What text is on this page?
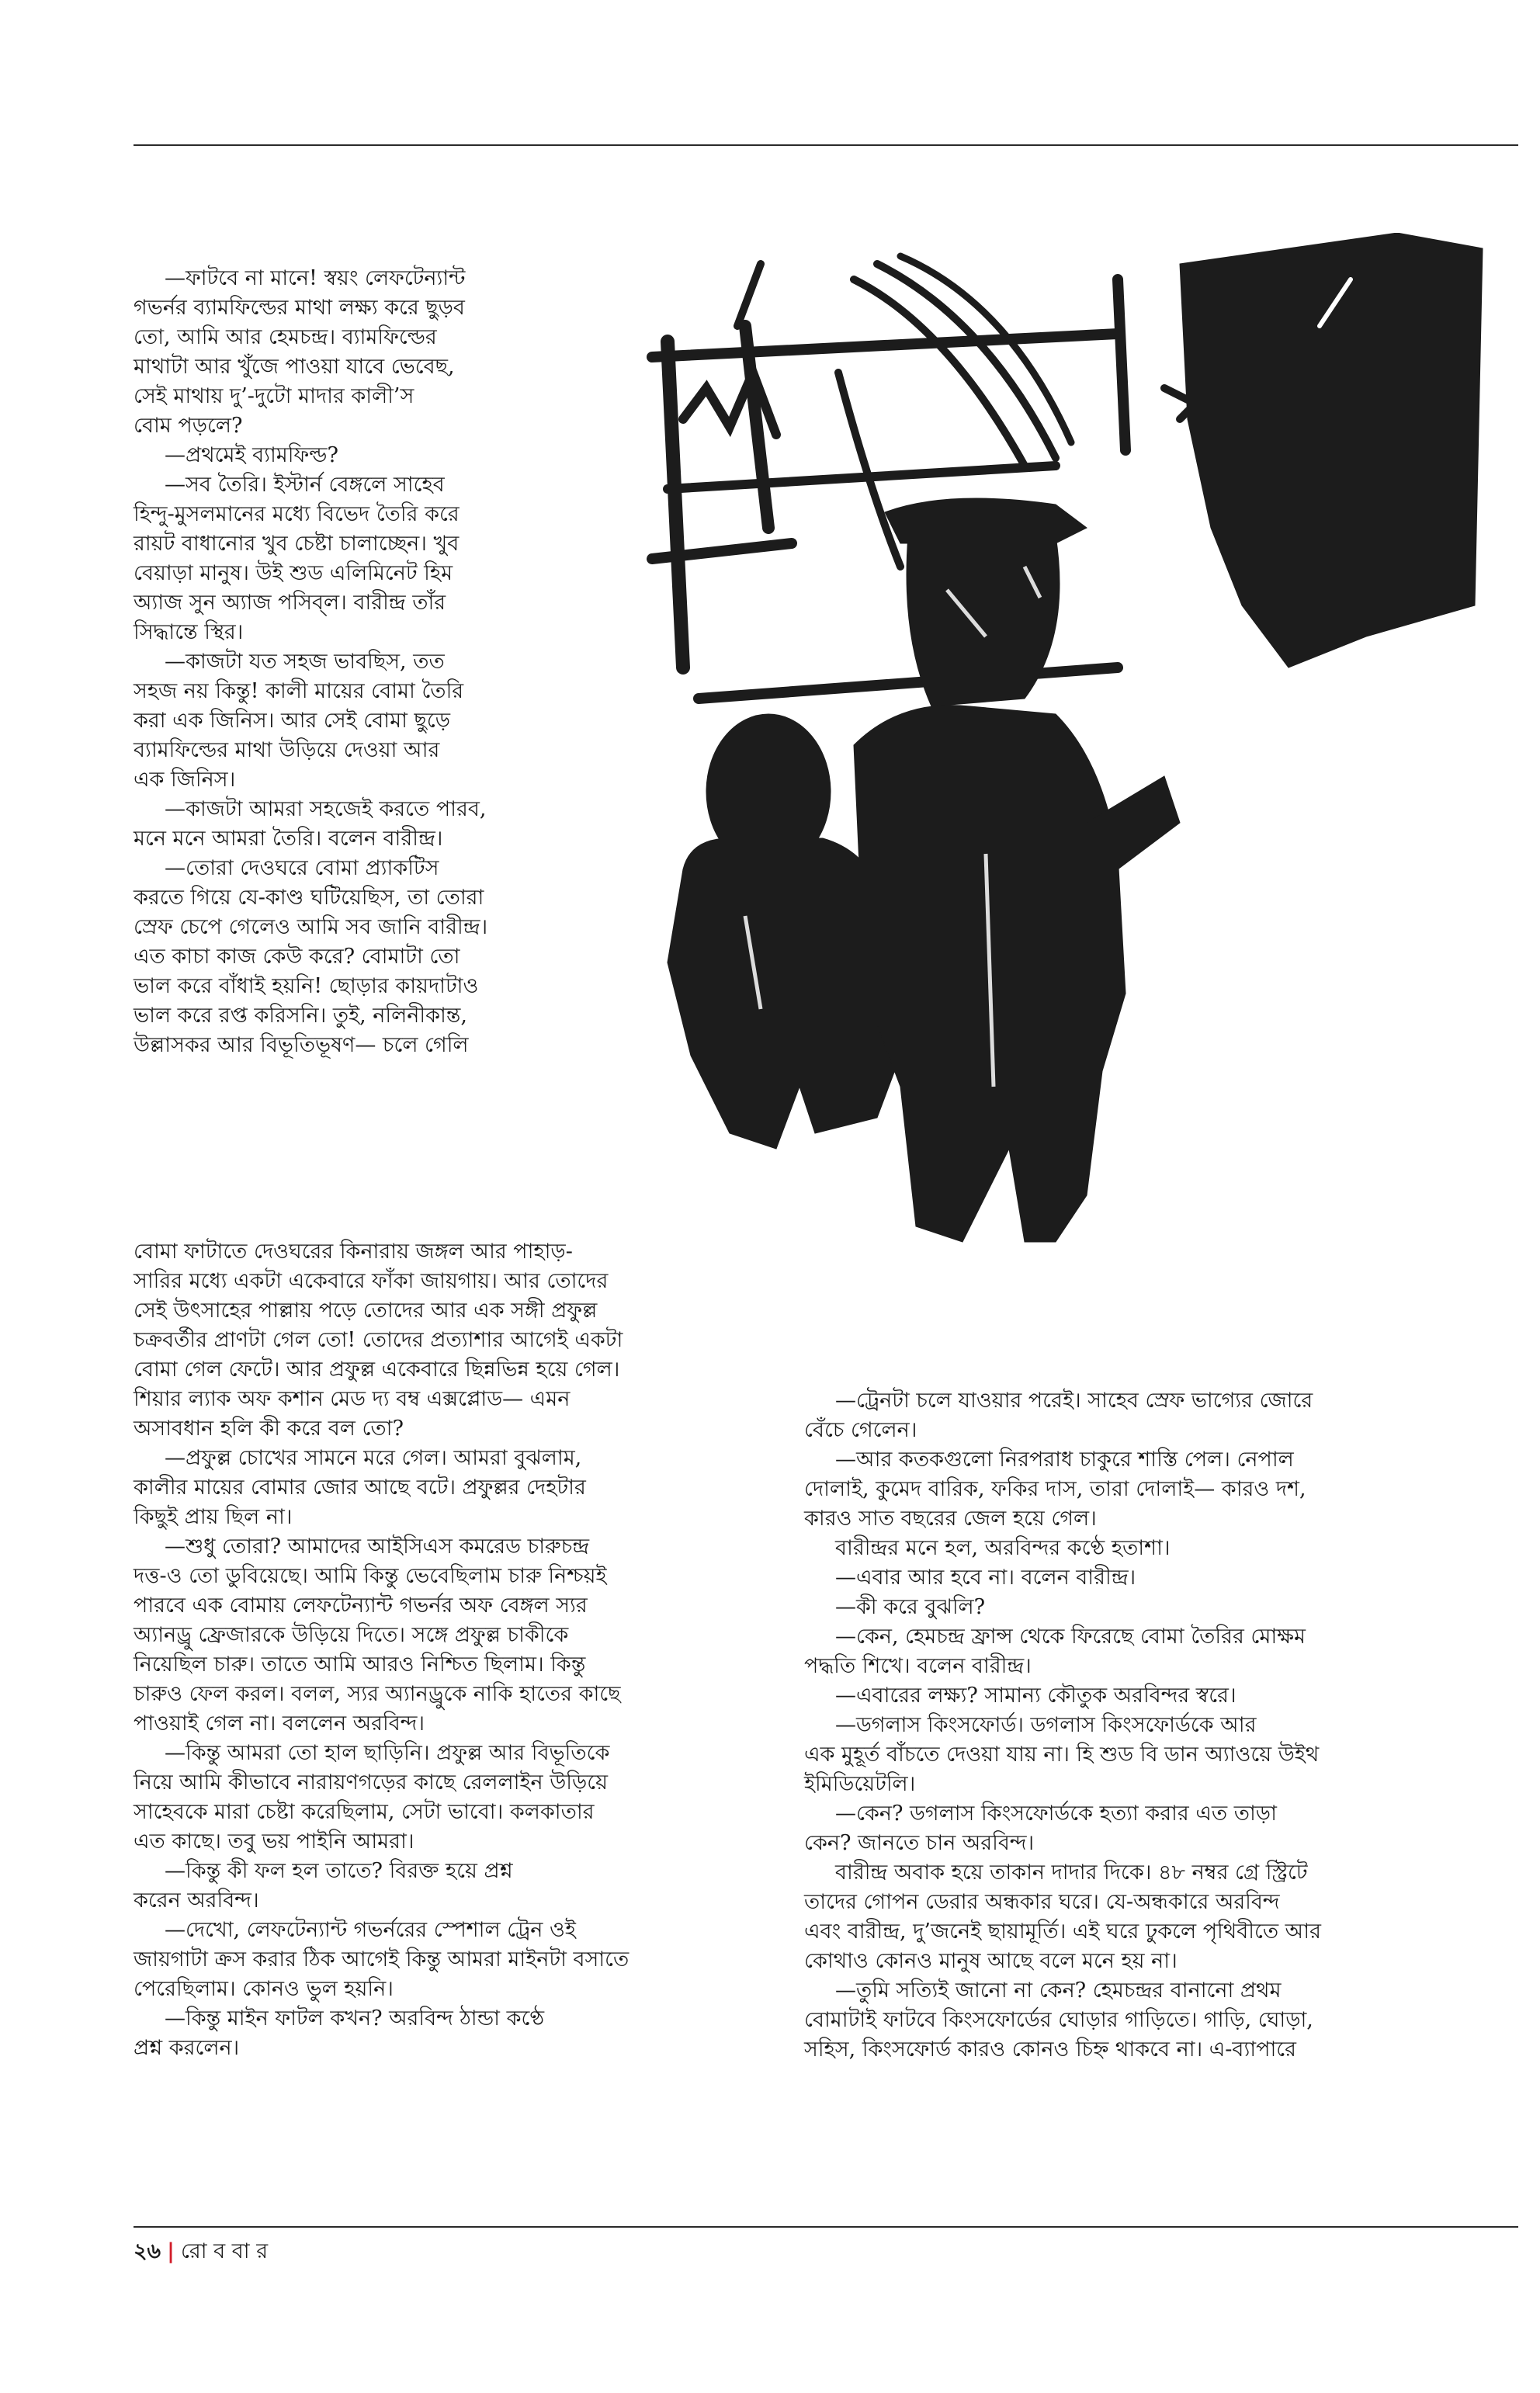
—ফাটবে না মানে! স্বয়ং লেফটেন্যান্ট

গভর্নর ব্যামফিল্ডের মাথা লক্ষ্য করে ছুড়ব

তো, আমি আর হেমচন্দ্র। ব্যামফিল্ডের

মাথাটা আর খুঁজে পাওয়া যাবে ভেবেছ,

সেই মাথায় দু’-দুটো মাদার কালী’স

বোম পড়লে?

—প্রথমেই ব্যামফিল্ড?

—সব তৈরি। ইস্টার্ন বেঙ্গলে সাহেব

হিন্দু-মুসলমানের মধ্যে বিভেদ তৈরি করে

রায়ট বাধানোর খুব চেষ্টা চালাচ্ছেন। খুব

বেয়াড়া মানুষ। উই শুড এলিমিনেট হিম

অ্যাজ সুন অ্যাজ পসিব্‌ল। বারীন্দ্র তাঁর

সিদ্ধান্তে স্থির।

—কাজটা যত সহজ ভাবছিস, তত

সহজ নয় কিন্তু! কালী মায়ের বোমা তৈরি

করা এক জিনিস। আর সেই বোমা ছুড়ে

ব্যামফিল্ডের মাথা উড়িয়ে দেওয়া আর

এক জিনিস।

—কাজটা আমরা সহজেই করতে পারব,

মনে মনে আমরা তৈরি। বলেন বারীন্দ্র।

—তোরা দেওঘরে বোমা প্র্যাকটিস

করতে গিয়ে যে-কাণ্ড ঘটিয়েছিস, তা তোরা

স্রেফ চেপে গেলেও আমি সব জানি বারীন্দ্র।

এত কাচা কাজ কেউ করে? বোমাটা তো

ভাল করে বাঁধাই হয়নি! ছোড়ার কায়দাটাও

ভাল করে রপ্ত করিসনি। তুই, নলিনীকান্ত,

উল্লাসকর আর বিভূতিভূষণ— চলে গেলি

বোমা ফাটাতে দেওঘরের কিনারায় জঙ্গল আর পাহাড়-

সারির মধ্যে একটা একেবারে ফাঁকা জায়গায়। আর তোদের

সেই উৎসাহের পাল্লায় পড়ে তোদের আর এক সঙ্গী প্রফুল্ল

চক্রবর্তীর প্রাণটা গেল তো! তোদের প্রত্যাশার আগেই একটা

বোমা গেল ফেটে। আর প্রফুল্ল একেবারে ছিন্নভিন্ন হয়ে গেল।

শিয়ার ল্যাক অফ কশান মেড দ্য বম্ব এক্সপ্লোড— এমন

অসাবধান হলি কী করে বল তো?

—প্রফুল্ল চোখের সামনে মরে গেল। আমরা বুঝলাম,

কালীর মায়ের বোমার জোর আছে বটে। প্রফুল্লর দেহটার

কিছুই প্রায় ছিল না।

—শুধু তোরা? আমাদের আইসিএস কমরেড চারুচন্দ্র

দত্ত-ও তো ডুবিয়েছে। আমি কিন্তু ভেবেছিলাম চারু নিশ্চয়ই

পারবে এক বোমায় লেফটেন্যান্ট গভর্নর অফ বেঙ্গল স্যর

অ্যানড্রু ফ্রেজারকে উড়িয়ে দিতে। সঙ্গে প্রফুল্ল চাকীকে

নিয়েছিল চারু। তাতে আমি আরও নিশ্চিত ছিলাম। কিন্তু

চারুও ফেল করল। বলল, স্যর অ্যানড্রুকে নাকি হাতের কাছে

পাওয়াই গেল না। বললেন অরবিন্দ।

—কিন্তু আমরা তো হাল ছাড়িনি। প্রফুল্ল আর বিভূতিকে

নিয়ে আমি কীভাবে নারায়ণগড়ের কাছে রেললাইন উড়িয়ে

সাহেবকে মারা চেষ্টা করেছিলাম, সেটা ভাবো। কলকাতার

এত কাছে। তবু ভয় পাইনি আমরা।

—কিন্তু কী ফল হল তাতে? বিরক্ত হয়ে প্রশ্ন

করেন অরবিন্দ।

—দেখো, লেফটেন্যান্ট গভর্নরের স্পেশাল ট্রেন ওই

জায়গাটা ক্রস করার ঠিক আগেই কিন্তু আমরা মাইনটা বসাতে

পেরেছিলাম। কোনও ভুল হয়নি।

—কিন্তু মাইন ফাটল কখন? অরবিন্দ ঠান্ডা কণ্ঠে

প্রশ্ন করলেন।

—ট্রেনটা চলে যাওয়ার পরেই। সাহেব স্রেফ ভাগ্যের জোরে

বেঁচে গেলেন।

—আর কতকগুলো নিরপরাধ চাকুরে শাস্তি পেল। নেপাল

দোলাই, কুমেদ বারিক, ফকির দাস, তারা দোলাই— কারও দশ,

কারও সাত বছরের জেল হয়ে গেল।

বারীন্দ্রর মনে হল, অরবিন্দর কণ্ঠে হতাশা।

—এবার আর হবে না। বলেন বারীন্দ্র।

—কী করে বুঝলি?

—কেন, হেমচন্দ্র ফ্রান্স থেকে ফিরেছে বোমা তৈরির মোক্ষম

পদ্ধতি শিখে। বলেন বারীন্দ্র।

—এবারের লক্ষ্য? সামান্য কৌতুক অরবিন্দর স্বরে।

—ডগলাস কিংসফোর্ড। ডগলাস কিংসফোর্ডকে আর

এক মুহূর্ত বাঁচতে দেওয়া যায় না। হি শুড বি ডান অ্যাওয়ে উইথ

ইমিডিয়েটলি।

—কেন? ডগলাস কিংসফোর্ডকে হত্যা করার এত তাড়া

কেন? জানতে চান অরবিন্দ।

বারীন্দ্র অবাক হয়ে তাকান দাদার দিকে। ৪৮ নম্বর গ্রে স্ট্রিটে

তাদের গোপন ডেরার অন্ধকার ঘরে। যে-অন্ধকারে অরবিন্দ

এবং বারীন্দ্র, দু’জনেই ছায়ামূর্তি। এই ঘরে ঢুকলে পৃথিবীতে আর

কোথাও কোনও মানুষ আছে বলে মনে হয় না।

—তুমি সত্যিই জানো না কেন? হেমচন্দ্রর বানানো প্রথম

বোমাটাই ফাটবে কিংসফোর্ডের ঘোড়ার গাড়িতে। গাড়ি, ঘোড়া,

সহিস, কিংসফোর্ড কারও কোনও চিহ্ন থাকবে না। এ-ব্যাপারে

২৬ | রো ব বা র
